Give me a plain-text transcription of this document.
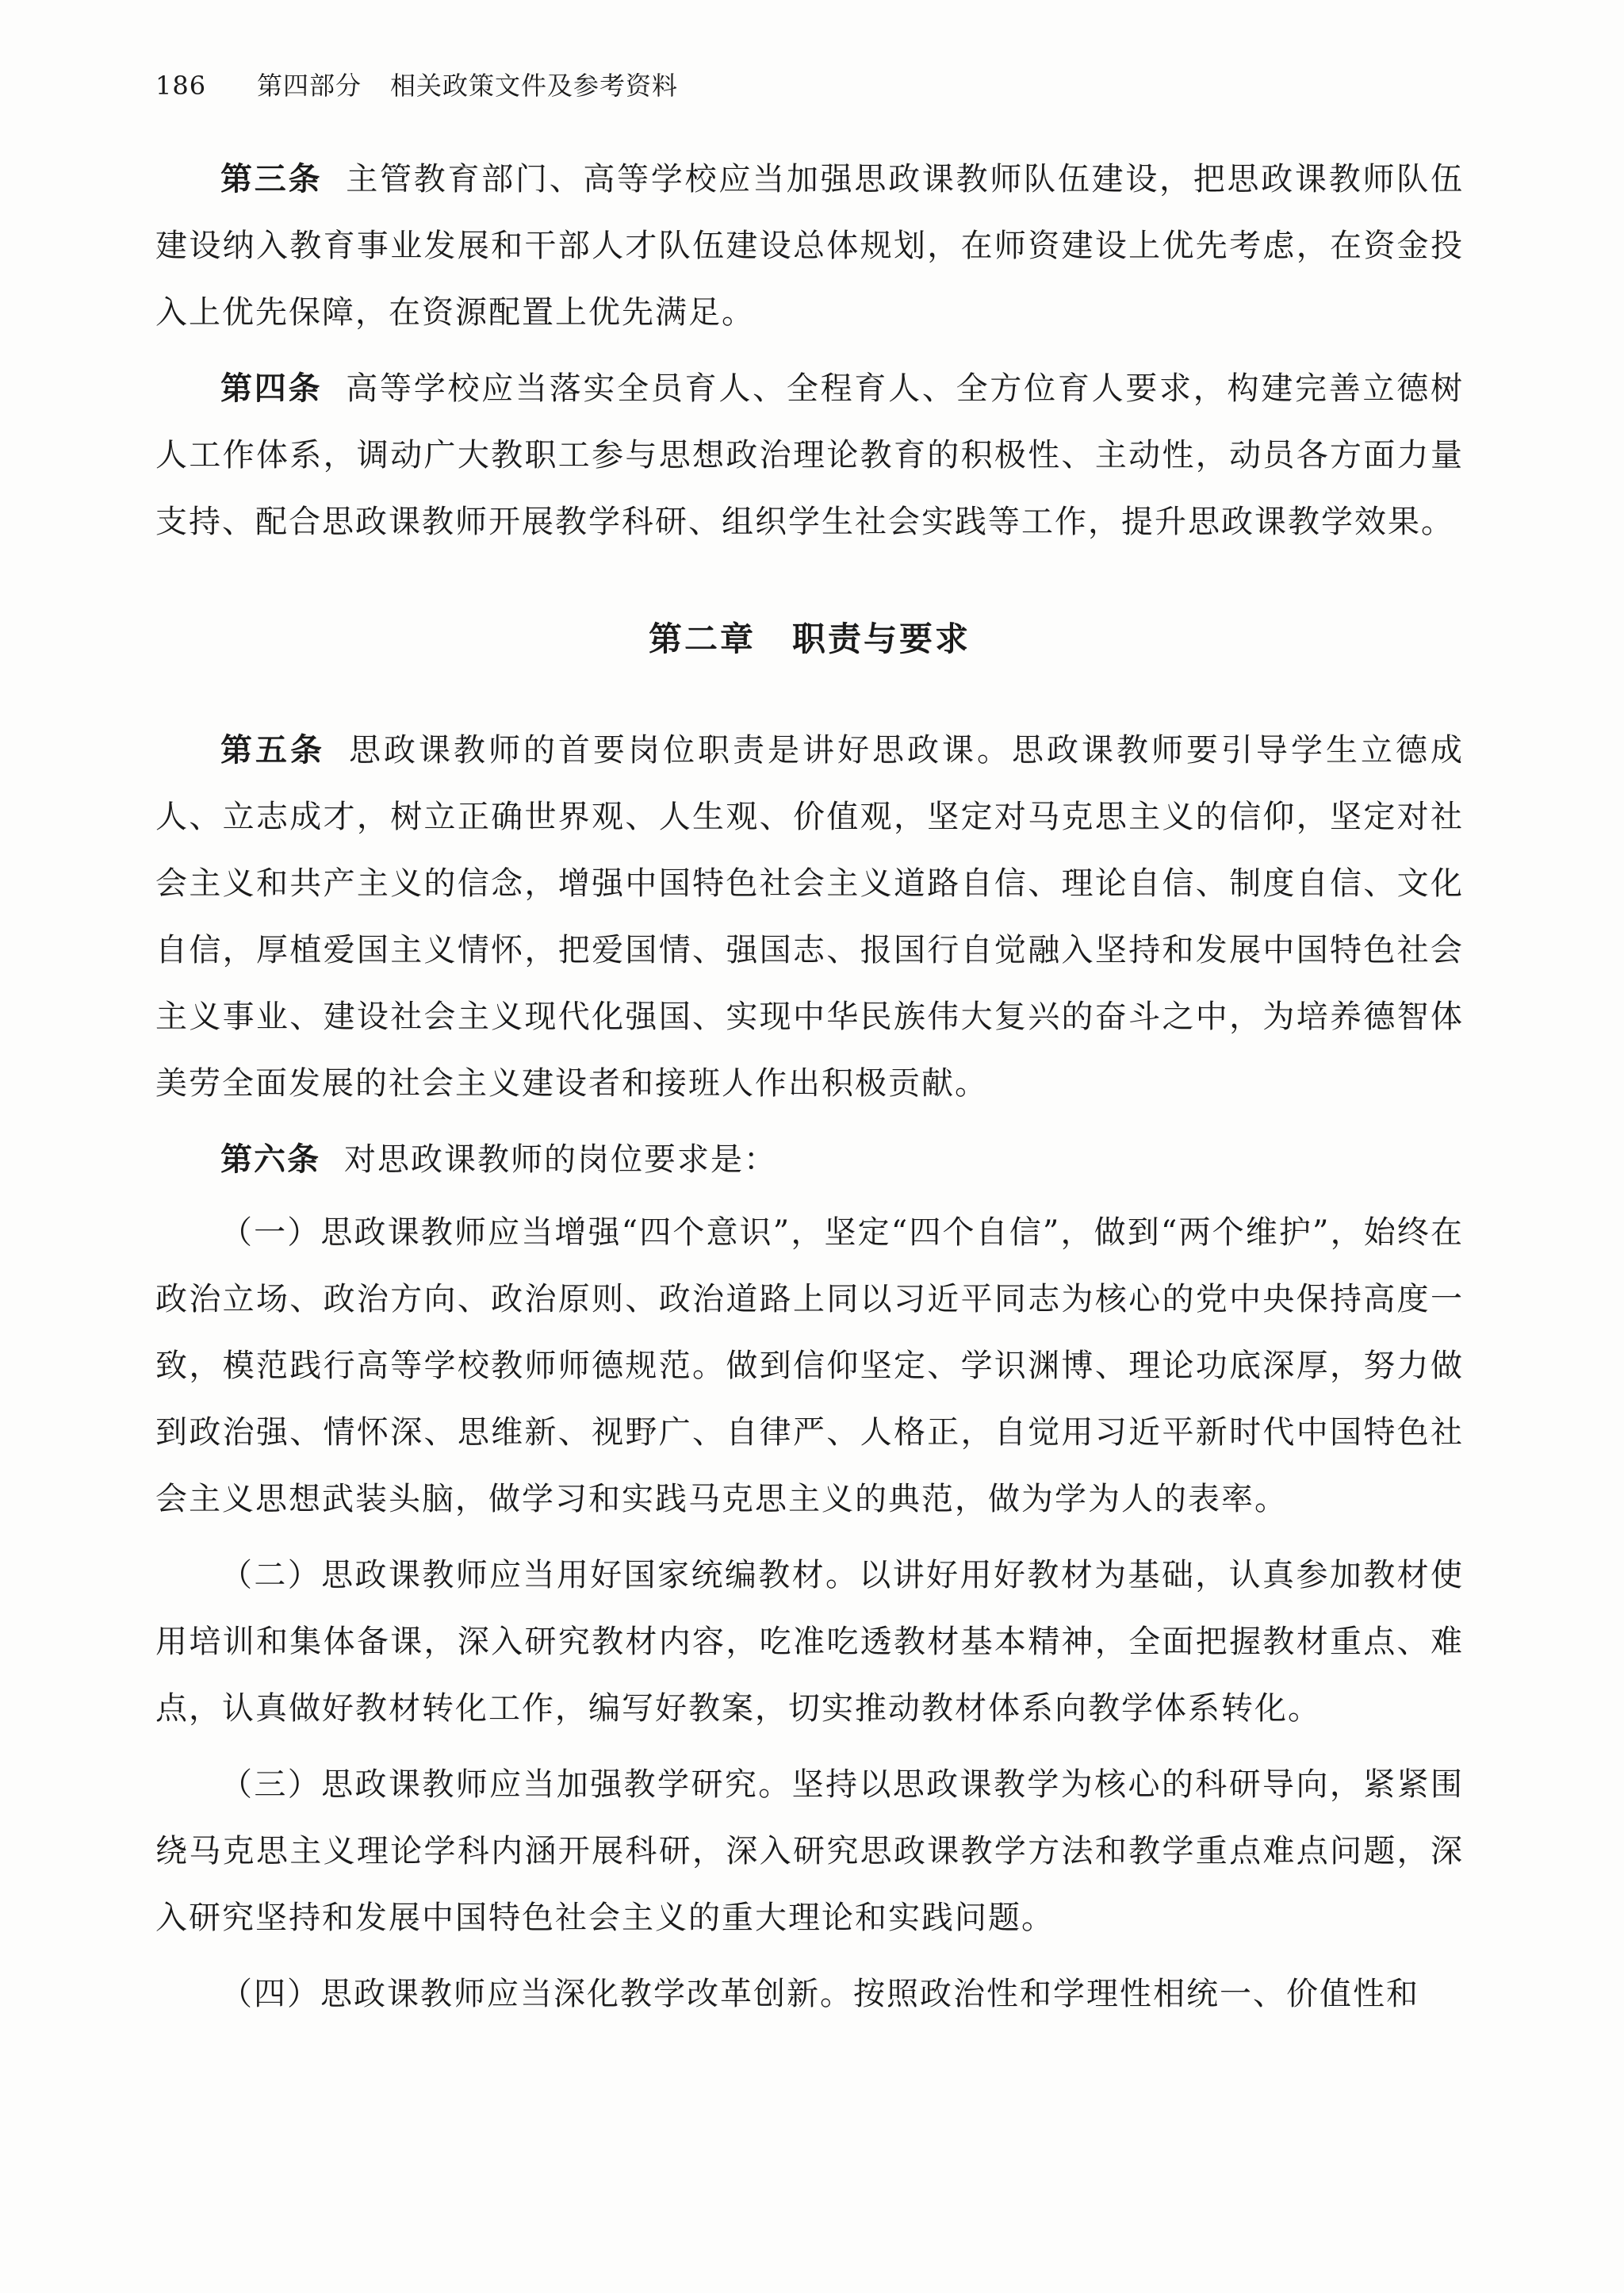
186 第四部分 相关政策文件及参考资料

第三条 主管教育部门、高等学校应当加强思政课教师队伍建设，把思政课教师队伍建设纳入教育事业发展和干部人才队伍建设总体规划，在师资建设上优先考虑，在资金投入上优先保障，在资源配置上优先满足。

第四条 高等学校应当落实全员育人、全程育人、全方位育人要求，构建完善立德树人工作体系，调动广大教职工参与思想政治理论教育的积极性、主动性，动员各方面力量支持、配合思政课教师开展教学科研、组织学生社会实践等工作，提升思政课教学效果。

第二章 职责与要求

第五条 思政课教师的首要岗位职责是讲好思政课。思政课教师要引导学生立德成人、立志成才，树立正确世界观、人生观、价值观，坚定对马克思主义的信仰，坚定对社会主义和共产主义的信念，增强中国特色社会主义道路自信、理论自信、制度自信、文化自信，厚植爱国主义情怀，把爱国情、强国志、报国行自觉融入坚持和发展中国特色社会主义事业、建设社会主义现代化强国、实现中华民族伟大复兴的奋斗之中，为培养德智体美劳全面发展的社会主义建设者和接班人作出积极贡献。

第六条 对思政课教师的岗位要求是：

（一）思政课教师应当增强“四个意识”，坚定“四个自信”，做到“两个维护”，始终在政治立场、政治方向、政治原则、政治道路上同以习近平同志为核心的党中央保持高度一致，模范践行高等学校教师师德规范。做到信仰坚定、学识渊博、理论功底深厚，努力做到政治强、情怀深、思维新、视野广、自律严、人格正，自觉用习近平新时代中国特色社会主义思想武装头脑，做学习和实践马克思主义的典范，做为学为人的表率。

（二）思政课教师应当用好国家统编教材。以讲好用好教材为基础，认真参加教材使用培训和集体备课，深入研究教材内容，吃准吃透教材基本精神，全面把握教材重点、难点，认真做好教材转化工作，编写好教案，切实推动教材体系向教学体系转化。

（三）思政课教师应当加强教学研究。坚持以思政课教学为核心的科研导向，紧紧围绕马克思主义理论学科内涵开展科研，深入研究思政课教学方法和教学重点难点问题，深入研究坚持和发展中国特色社会主义的重大理论和实践问题。

（四）思政课教师应当深化教学改革创新。按照政治性和学理性相统一、价值性和
